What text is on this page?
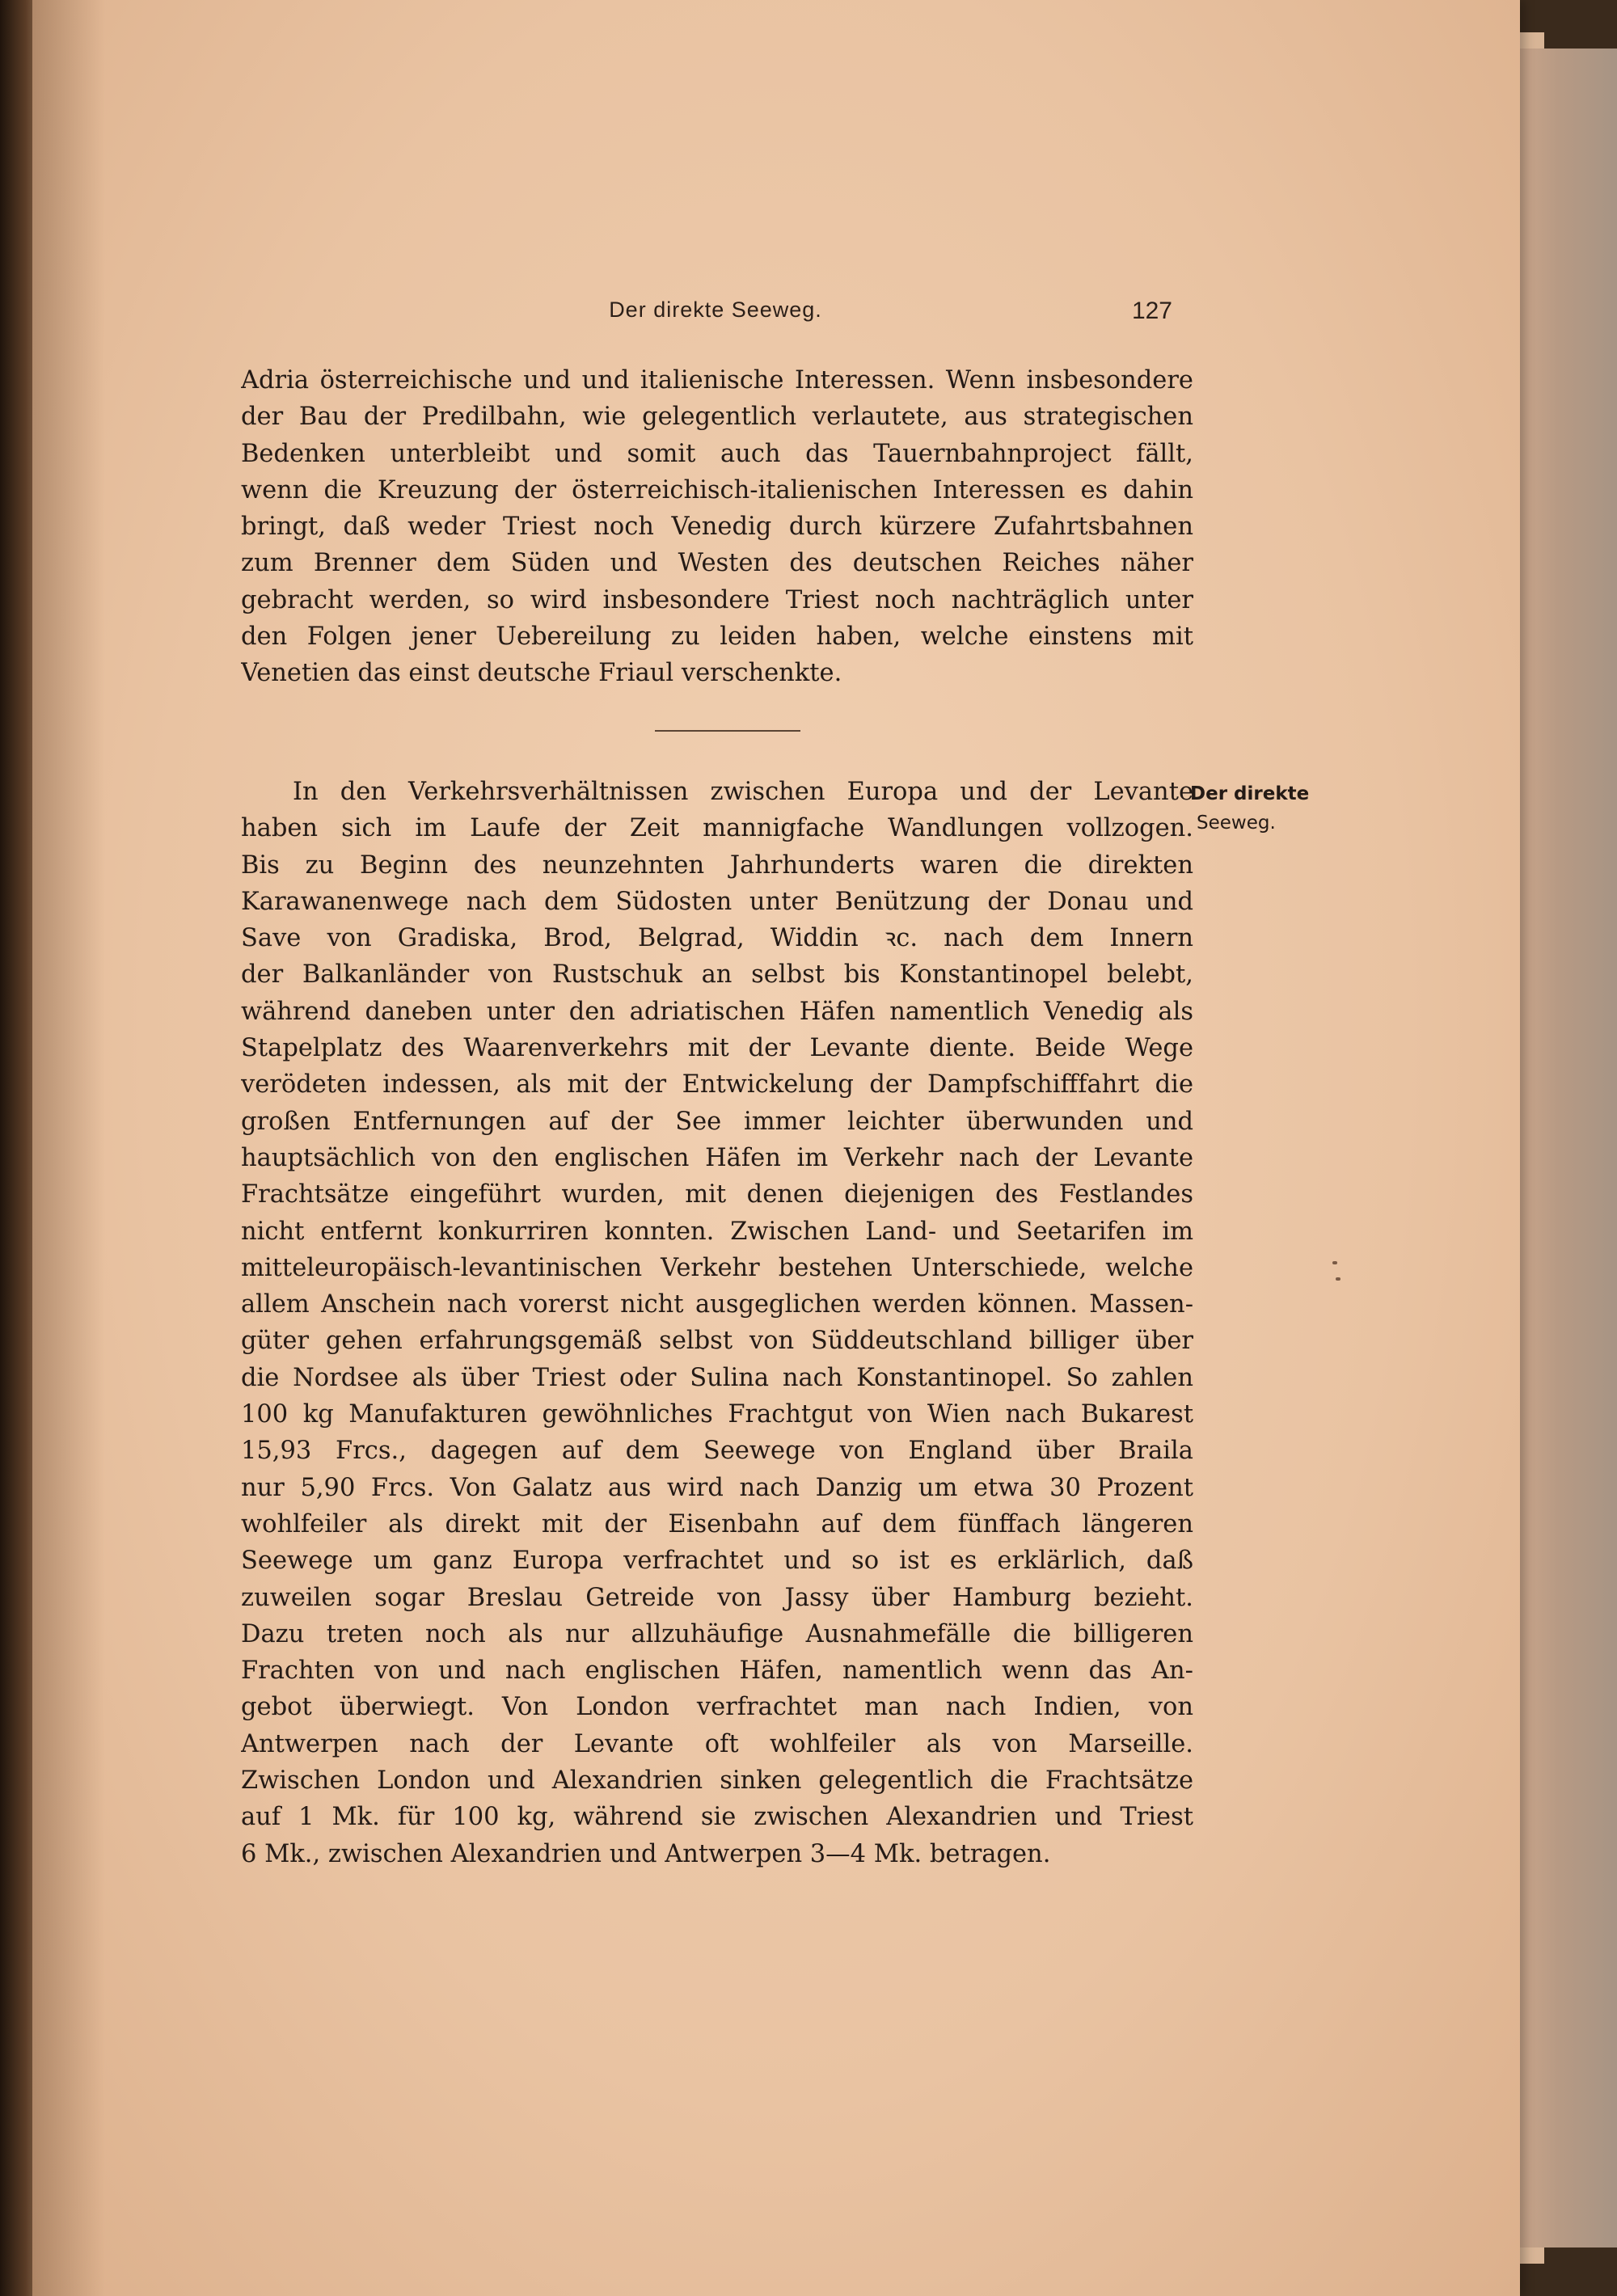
Der direkte Seeweg.	127
Adria österreichische und und italienische Interessen. Wenn insbesondere
der Bau der Predilbahn, wie gelegentlich verlautete, aus strategischen
Bedenken unterbleibt und somit auch das Tauernbahnproject fällt,
wenn die Kreuzung der österreichisch-italienischen Interessen es dahin
bringt, daß weder Triest noch Venedig durch kürzere Zufahrtsbahnen
zum Brenner dem Süden und Westen des deutschen Reiches näher
gebracht werden, so wird insbesondere Triest noch nachträglich unter
den Folgen jener Uebereilung zu leiden haben, welche einstens mit
Venetien das einst deutsche Friaul verschenkte.
Der direkte
Seeweg.
In den Verkehrsverhältnissen zwischen Europa und der Levante
haben sich im Laufe der Zeit mannigfache Wandlungen vollzogen.
Bis zu Beginn des neunzehnten Jahrhunderts waren die direkten
Karawanenwege nach dem Südosten unter Benützung der Donau und
Save von Gradiska, Brod, Belgrad, Widdin ꝛc. nach dem Innern
der Balkanländer von Rustschuk an selbst bis Konstantinopel belebt,
während daneben unter den adriatischen Häfen namentlich Venedig als
Stapelplatz des Waarenverkehrs mit der Levante diente. Beide Wege
verödeten indessen, als mit der Entwickelung der Dampfschifffahrt die
großen Entfernungen auf der See immer leichter überwunden und
hauptsächlich von den englischen Häfen im Verkehr nach der Levante
Frachtsätze eingeführt wurden, mit denen diejenigen des Festlandes
nicht entfernt konkurriren konnten. Zwischen Land- und Seetarifen im
mitteleuropäisch-levantinischen Verkehr bestehen Unterschiede, welche
allem Anschein nach vorerst nicht ausgeglichen werden können. Massen-
güter gehen erfahrungsgemäß selbst von Süddeutschland billiger über
die Nordsee als über Triest oder Sulina nach Konstantinopel. So zahlen
100 kg Manufakturen gewöhnliches Frachtgut von Wien nach Bukarest
15,93 Frcs., dagegen auf dem Seewege von England über Braila
nur 5,90 Frcs. Von Galatz aus wird nach Danzig um etwa 30 Prozent
wohlfeiler als direkt mit der Eisenbahn auf dem fünffach längeren
Seewege um ganz Europa verfrachtet und so ist es erklärlich, daß
zuweilen sogar Breslau Getreide von Jassy über Hamburg bezieht.
Dazu treten noch als nur allzuhäufige Ausnahmefälle die billigeren
Frachten von und nach englischen Häfen, namentlich wenn das An-
gebot überwiegt. Von London verfrachtet man nach Indien, von
Antwerpen nach der Levante oft wohlfeiler als von Marseille.
Zwischen London und Alexandrien sinken gelegentlich die Frachtsätze
auf 1 Mk. für 100 kg, während sie zwischen Alexandrien und Triest
6 Mk., zwischen Alexandrien und Antwerpen 3—4 Mk. betragen.
